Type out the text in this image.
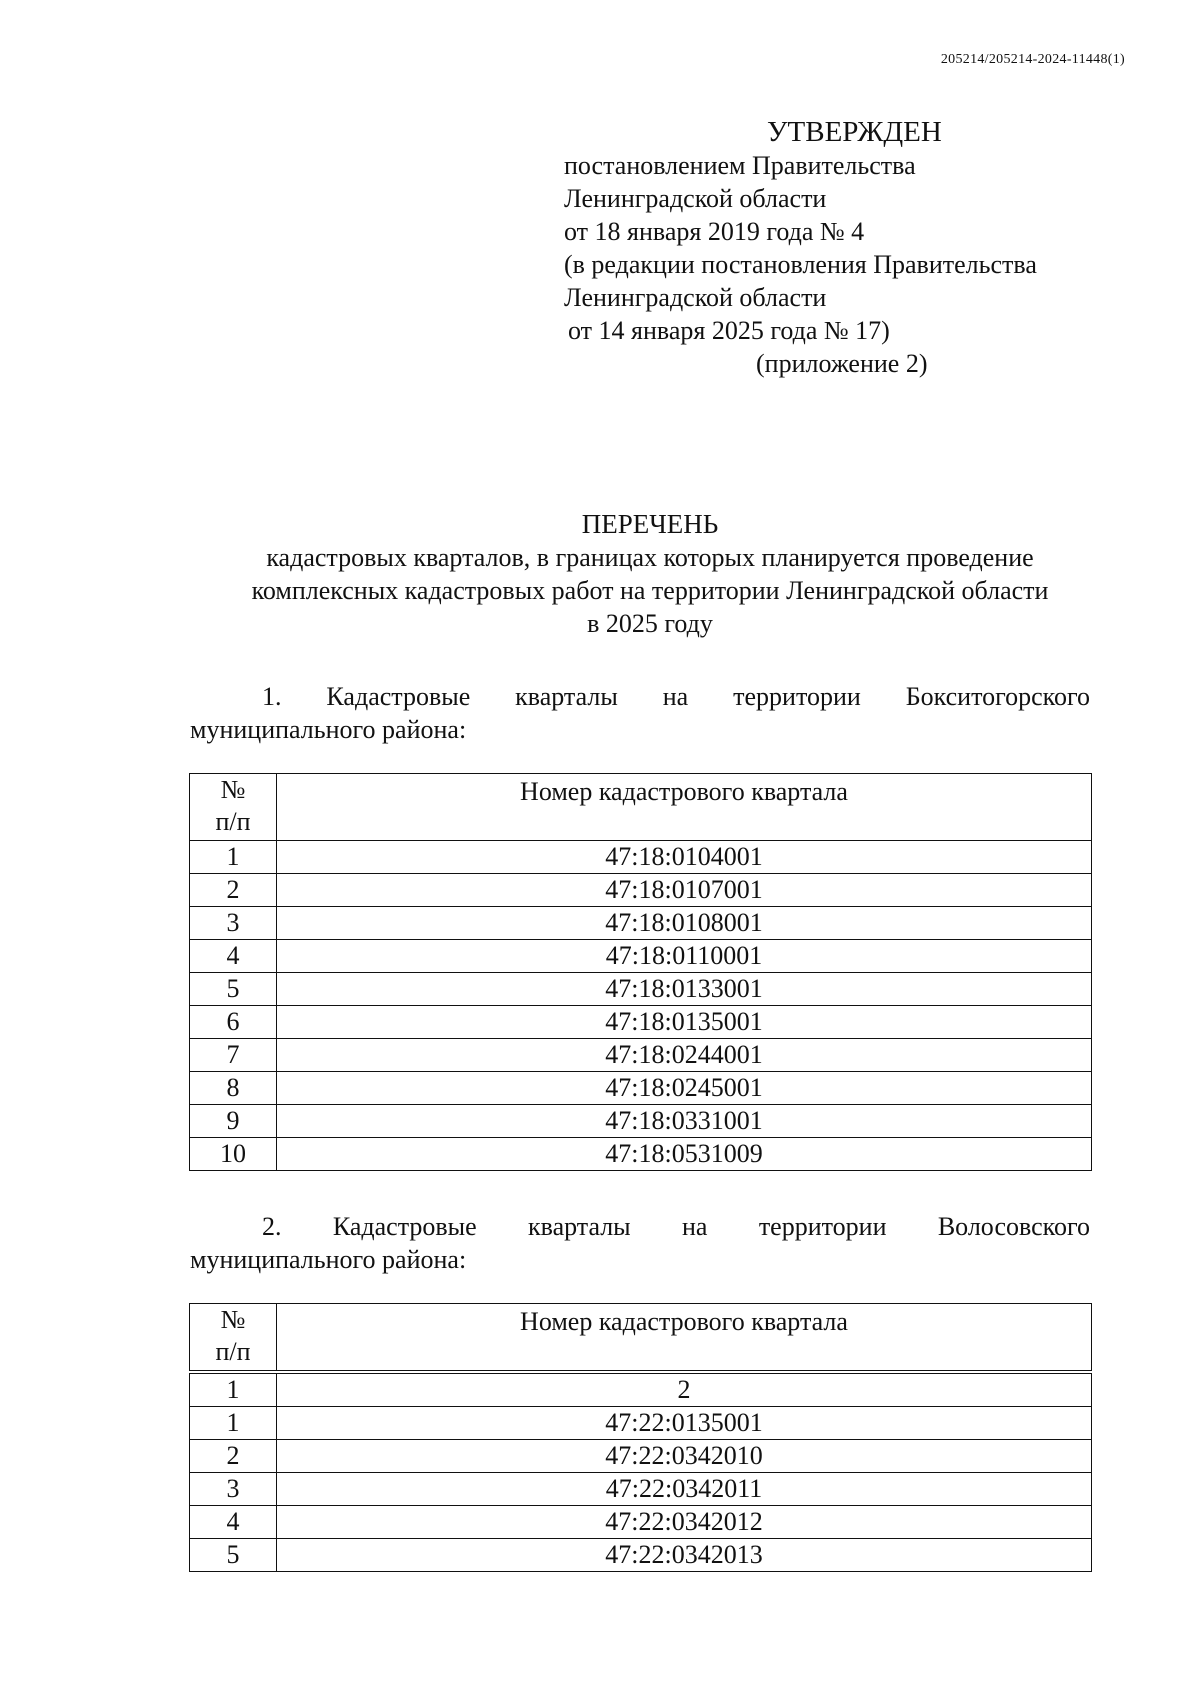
205214/205214-2024-11448(1)
УТВЕРЖДЕН
постановлением Правительства
Ленинградской области
от 18 января 2019 года № 4
(в редакции постановления Правительства
Ленинградской области
от 14 января 2025 года № 17)
(приложение 2)
ПЕРЕЧЕНЬ
кадастровых кварталов, в границах которых планируется проведение
комплексных кадастровых работ на территории Ленинградской области
в 2025 году
1. Кадастровые кварталы на территории Бокситогорского
муниципального района:
№
п/п	Номер кадастрового квартала
1	47:18:0104001
2	47:18:0107001
3	47:18:0108001
4	47:18:0110001
5	47:18:0133001
6	47:18:0135001
7	47:18:0244001
8	47:18:0245001
9	47:18:0331001
10	47:18:0531009
2. Кадастровые кварталы на территории Волосовского
муниципального района:
№
п/п	Номер кадастрового квартала
1	2
1	47:22:0135001
2	47:22:0342010
3	47:22:0342011
4	47:22:0342012
5	47:22:0342013
